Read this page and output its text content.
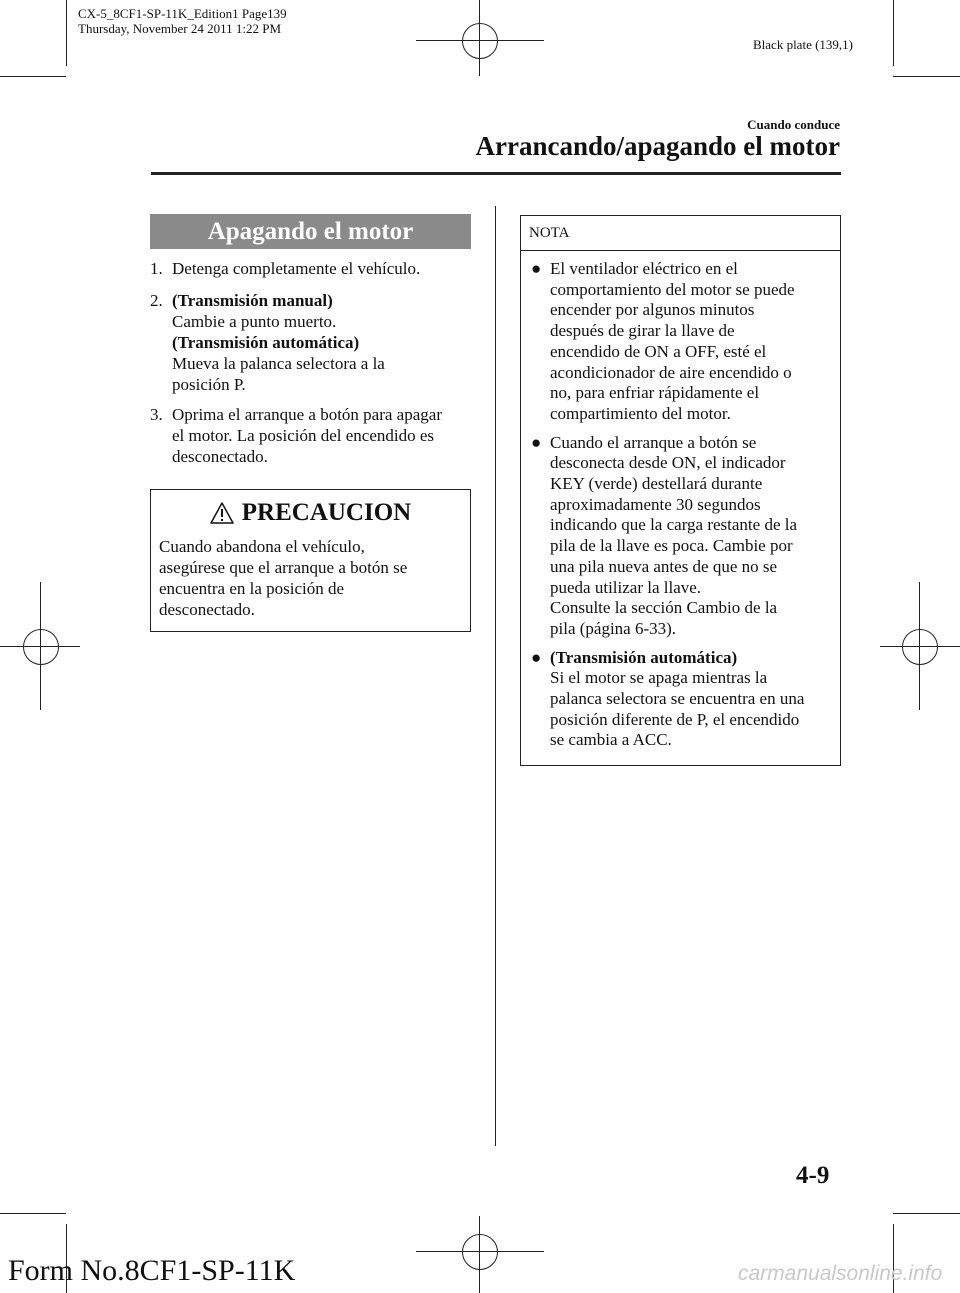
CX-5_8CF1-SP-11K_Edition1 Page139
Thursday, November 24 2011 1:22 PM
Black plate (139,1)
Cuando conduce
Arrancando/apagando el motor
Apagando el motor
1. Detenga completamente el vehículo.

2. (Transmisión manual)

Cambie a punto muerto.

(Transmisión automática)

Mueva la palanca selectora a la

posición P.

3. Oprima el arranque a botón para apagar

el motor. La posición del encendido es

desconectado.

PRECAUCION
Cuando abandona el vehículo,
asegúrese que el arranque a botón se
encuentra en la posición de
desconectado.
NOTA
● El ventilador eléctrico en el

comportamiento del motor se puede

encender por algunos minutos

después de girar la llave de

encendido de ON a OFF, esté el

acondicionador de aire encendido o

no, para enfriar rápidamente el

compartimiento del motor.

● Cuando el arranque a botón se

desconecta desde ON, el indicador

KEY (verde) destellará durante

aproximadamente 30 segundos

indicando que la carga restante de la

pila de la llave es poca. Cambie por

una pila nueva antes de que no se

pueda utilizar la llave.

Consulte la sección Cambio de la

pila (página 6-33).

● (Transmisión automática)

Si el motor se apaga mientras la

palanca selectora se encuentra en una

posición diferente de P, el encendido

se cambia a ACC.

4-9
Form No.8CF1-SP-11K	carmanualsonline.info
